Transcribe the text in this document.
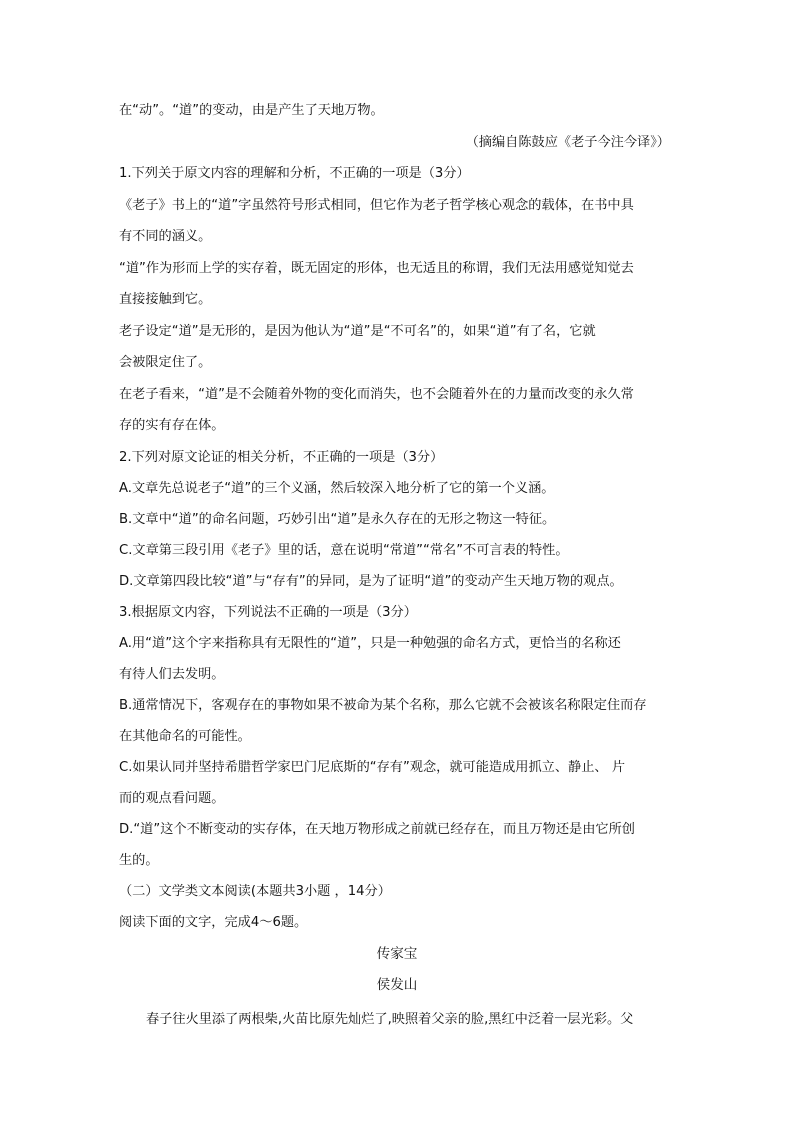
在“动”。“道”的变动，由是产生了天地万物。
（摘编自陈鼓应《老子今注今译》）
1.下列关于原文内容的理解和分析，不正确的一项是（3分）
《老子》书上的“道”字虽然符号形式相同，但它作为老子哲学核心观念的载体，在书中具
有不同的涵义。
“道”作为形而上学的实存着，既无固定的形体，也无适且的称谓，我们无法用感觉知觉去
直接接触到它。
老子设定“道”是无形的，是因为他认为“道”是“不可名”的，如果“道”有了名，它就
会被限定住了。
在老子看来，“道”是不会随着外物的变化而消失，也不会随着外在的力量而改变的永久常
存的实有存在体。
2.下列对原文论证的相关分析，不正确的一项是（3分）
A.文章先总说老子“道”的三个义涵，然后较深入地分析了它的第一个义涵。
B.文章中“道”的命名问题，巧妙引出“道”是永久存在的无形之物这一特征。
C.文章第三段引用《老子》里的话，意在说明“常道”“常名”不可言表的特性。
D.文章第四段比较“道”与“存有”的异同，是为了证明“道”的变动产生天地万物的观点。
3.根据原文内容，下列说法不正确的一项是（3分）
A.用“道”这个字来指称具有无限性的“道”，只是一种勉强的命名方式，更恰当的名称还
有待人们去发明。
B.通常情况下，客观存在的事物如果不被命为某个名称，那么它就不会被该名称限定住而存
在其他命名的可能性。
C.如果认同并坚持希腊哲学家巴门尼底斯的“存有”观念，就可能造成用抓立、静止、 片
而的观点看问题。
D.“道”这个不断变动的实存体，在天地万物形成之前就已经存在，而且万物还是由它所创
生的。
（二）文学类文本阅读(本题共3小题 ，14分）
阅读下面的文字，完成4～6题。
传家宝
侯发山
春子往火里添了两根柴,火苗比原先灿烂了,映照着父亲的脸,黑红中泛着一层光彩。父
